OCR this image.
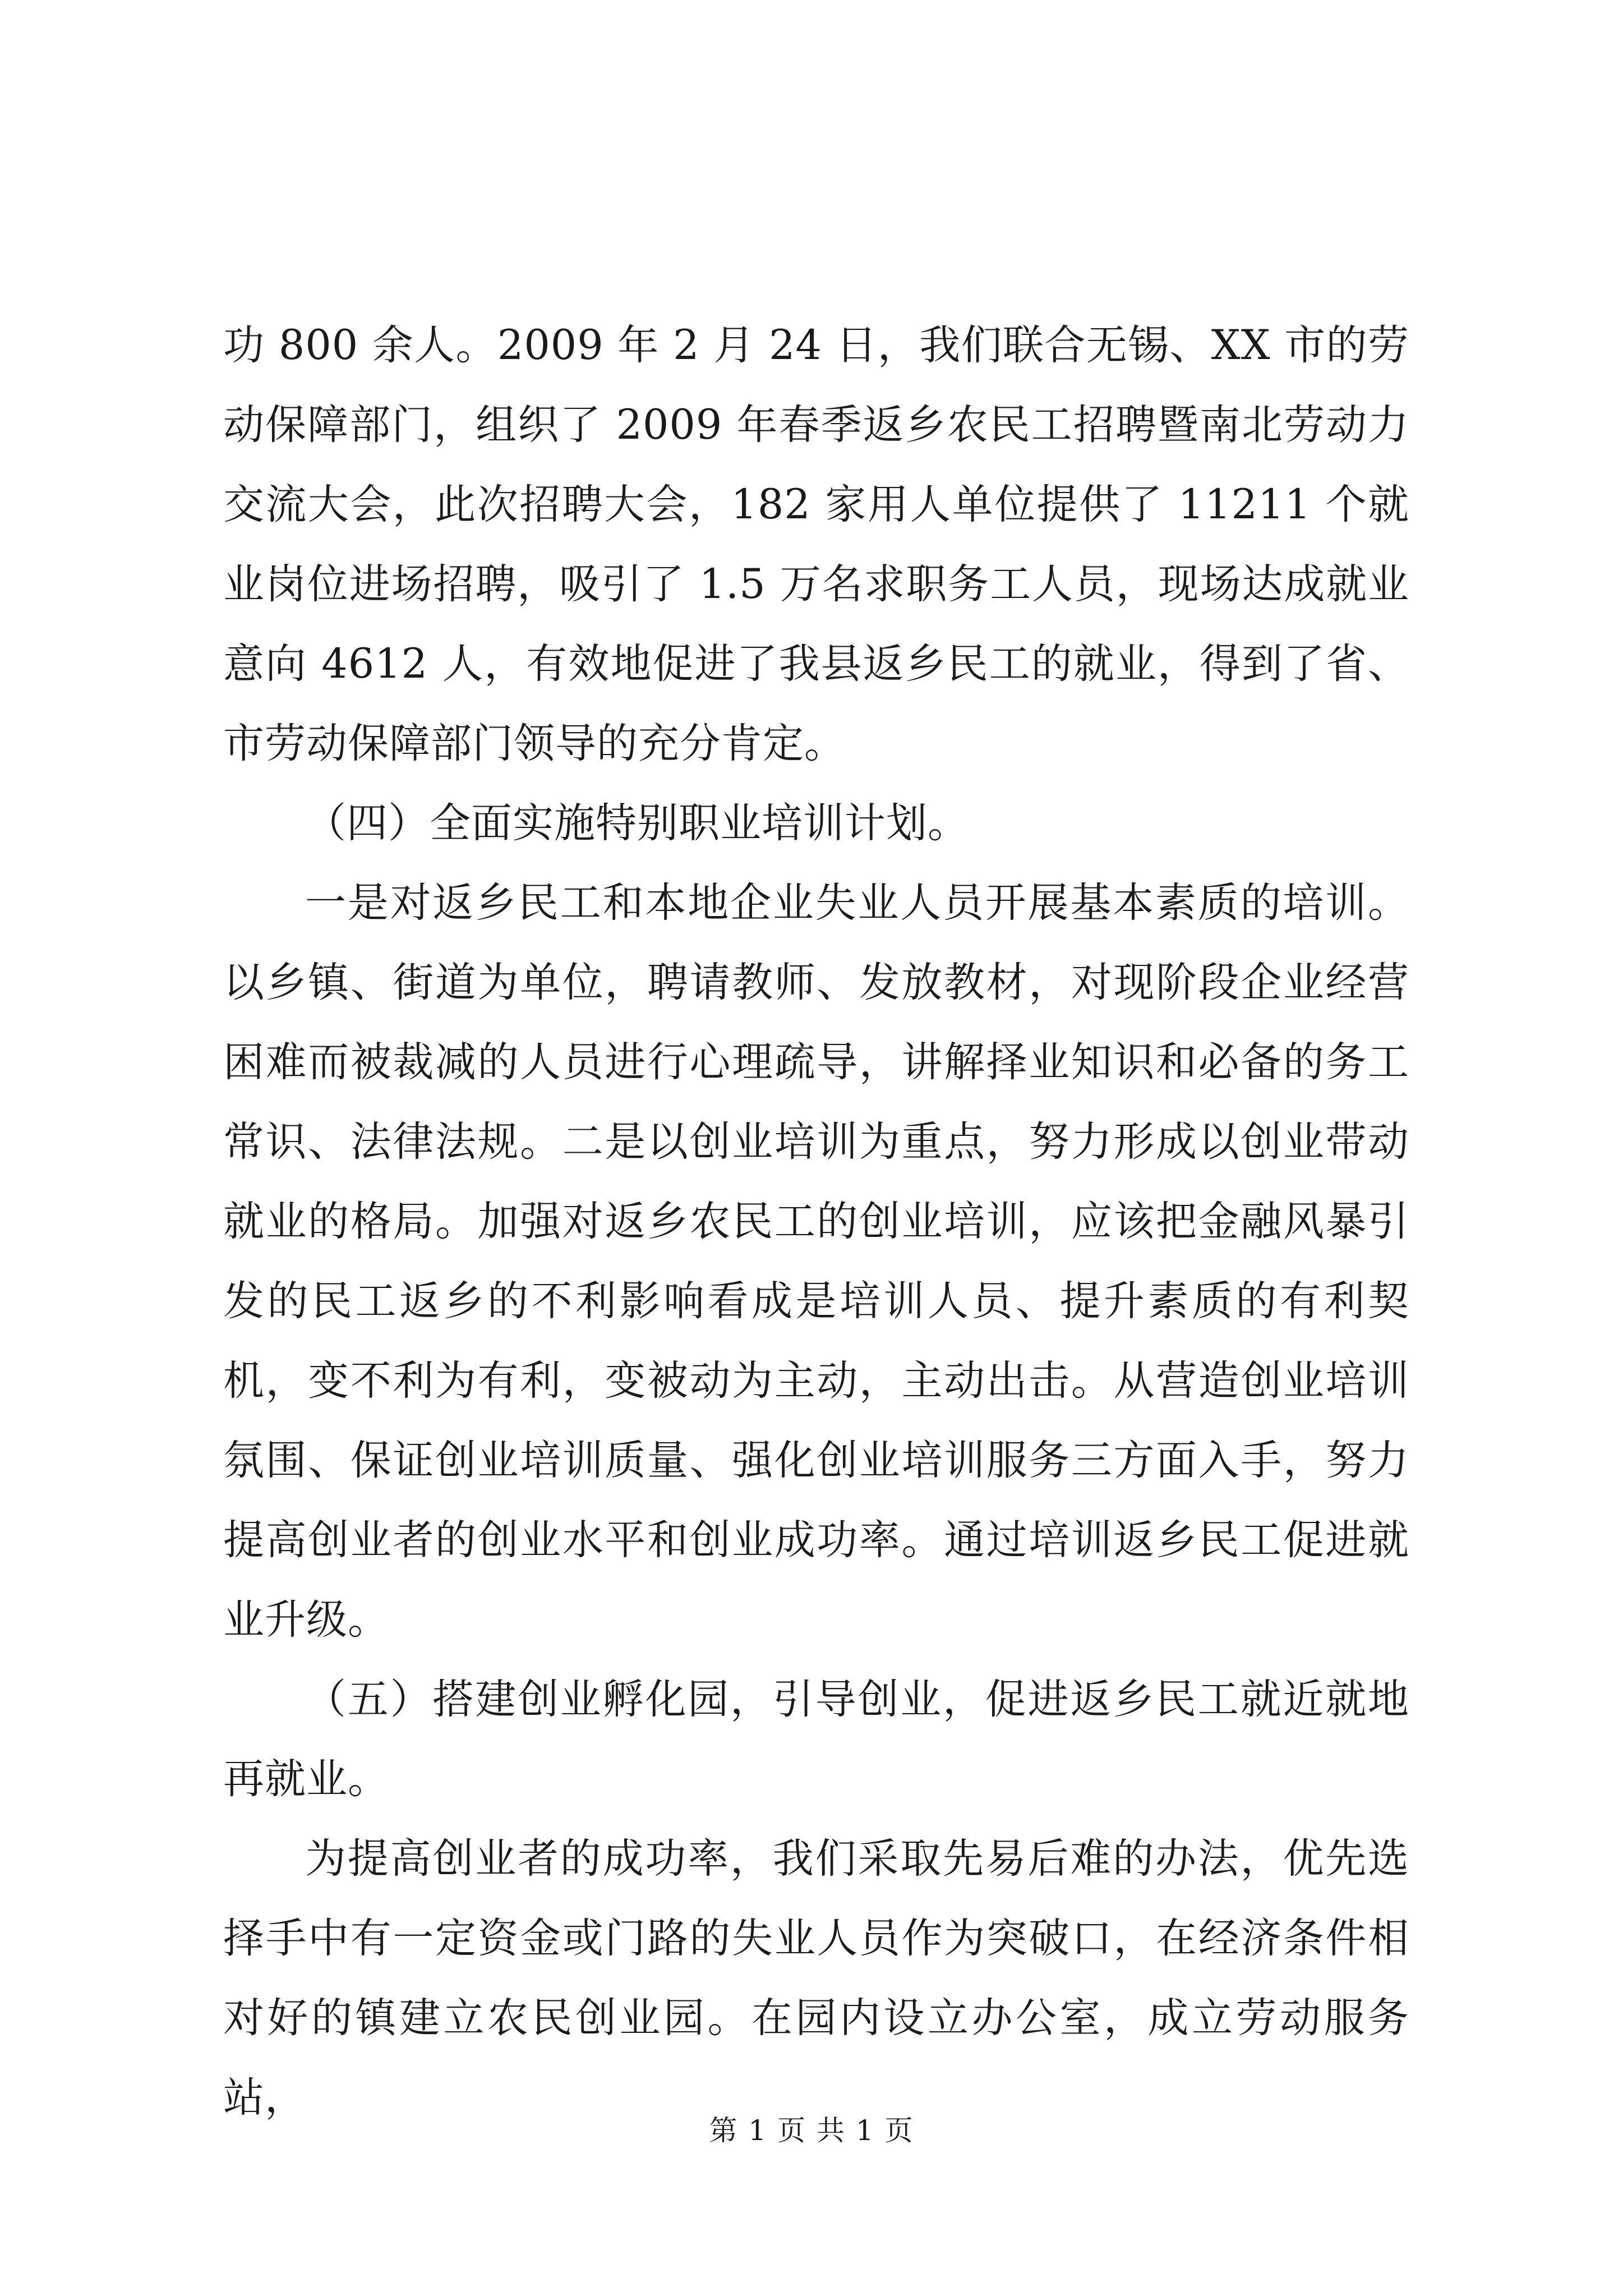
功 800 余人。2009 年 2 月 24 日，我们联合无锡、XX 市的劳动保障部门，组织了 2009 年春季返乡农民工招聘暨南北劳动力交流大会，此次招聘大会，182 家用人单位提供了 11211 个就业岗位进场招聘，吸引了 1.5 万名求职务工人员，现场达成就业意向 4612 人，有效地促进了我县返乡民工的就业，得到了省、市劳动保障部门领导的充分肯定。

（四）全面实施特别职业培训计划。

一是对返乡民工和本地企业失业人员开展基本素质的培训。以乡镇、街道为单位，聘请教师、发放教材，对现阶段企业经营困难而被裁减的人员进行心理疏导，讲解择业知识和必备的务工常识、法律法规。二是以创业培训为重点，努力形成以创业带动就业的格局。加强对返乡农民工的创业培训，应该把金融风暴引发的民工返乡的不利影响看成是培训人员、提升素质的有利契机，变不利为有利，变被动为主动，主动出击。从营造创业培训氛围、保证创业培训质量、强化创业培训服务三方面入手，努力提高创业者的创业水平和创业成功率。通过培训返乡民工促进就业升级。

（五）搭建创业孵化园，引导创业，促进返乡民工就近就地再就业。

为提高创业者的成功率，我们采取先易后难的办法，优先选择手中有一定资金或门路的失业人员作为突破口，在经济条件相对好的镇建立农民创业园。在园内设立办公室，成立劳动服务站，

第 1 页 共 1 页
